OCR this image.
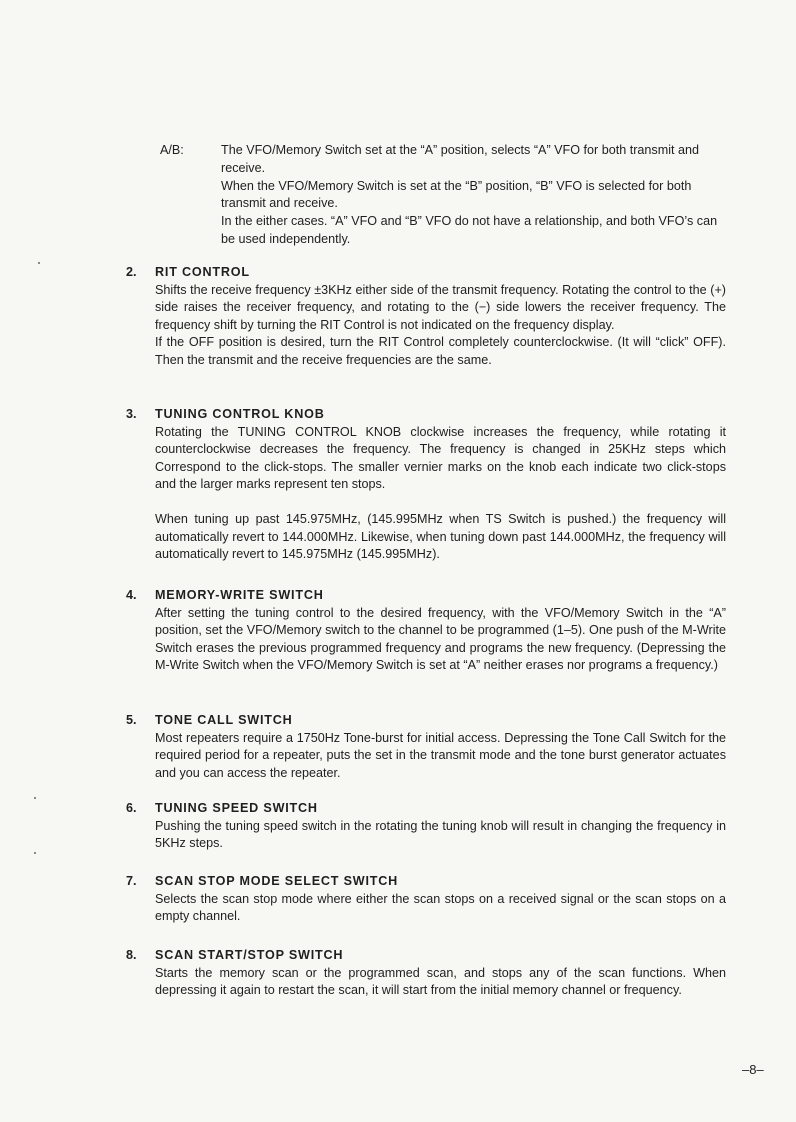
A/B:	The VFO/Memory Switch set at the “A” position, selects “A” VFO for both transmit and receive.

When the VFO/Memory Switch is set at the “B” position, “B” VFO is selected for both transmit and receive.

In the either cases. “A” VFO and “B” VFO do not have a relationship, and both VFO’s can be used independently.

2. RIT CONTROL

Shifts the receive frequency ±3KHz either side of the transmit frequency. Rotating the control to the (+) side raises the receiver frequency, and rotating to the (−) side lowers the receiver frequency. The frequency shift by turning the RIT Control is not indicated on the frequency display.

If the OFF position is desired, turn the RIT Control completely counterclockwise. (It will “click” OFF). Then the transmit and the receive frequencies are the same.

3. TUNING CONTROL KNOB

Rotating the TUNING CONTROL KNOB clockwise increases the frequency, while rotating it counterclockwise decreases the frequency. The frequency is changed in 25KHz steps which Correspond to the click-stops. The smaller vernier marks on the knob each indicate two click-stops and the larger marks represent ten stops.

When tuning up past 145.975MHz, (145.995MHz when TS Switch is pushed.) the frequency will automatically revert to 144.000MHz. Likewise, when tuning down past 144.000MHz, the frequency will automatically revert to 145.975MHz (145.995MHz).

4. MEMORY-WRITE SWITCH

After setting the tuning control to the desired frequency, with the VFO/Memory Switch in the “A” position, set the VFO/Memory switch to the channel to be programmed (1–5). One push of the M-Write Switch erases the previous programmed frequency and programs the new frequency. (Depressing the M-Write Switch when the VFO/Memory Switch is set at “A” neither erases nor programs a frequency.)

5. TONE CALL SWITCH

Most repeaters require a 1750Hz Tone-burst for initial access. Depressing the Tone Call Switch for the required period for a repeater, puts the set in the transmit mode and the tone burst generator actuates and you can access the repeater.

6. TUNING SPEED SWITCH

Pushing the tuning speed switch in the rotating the tuning knob will result in changing the frequency in 5KHz steps.

7. SCAN STOP MODE SELECT SWITCH

Selects the scan stop mode where either the scan stops on a received signal or the scan stops on a empty channel.

8. SCAN START/STOP SWITCH

Starts the memory scan or the programmed scan, and stops any of the scan functions. When depressing it again to restart the scan, it will start from the initial memory channel or frequency.

–8–
